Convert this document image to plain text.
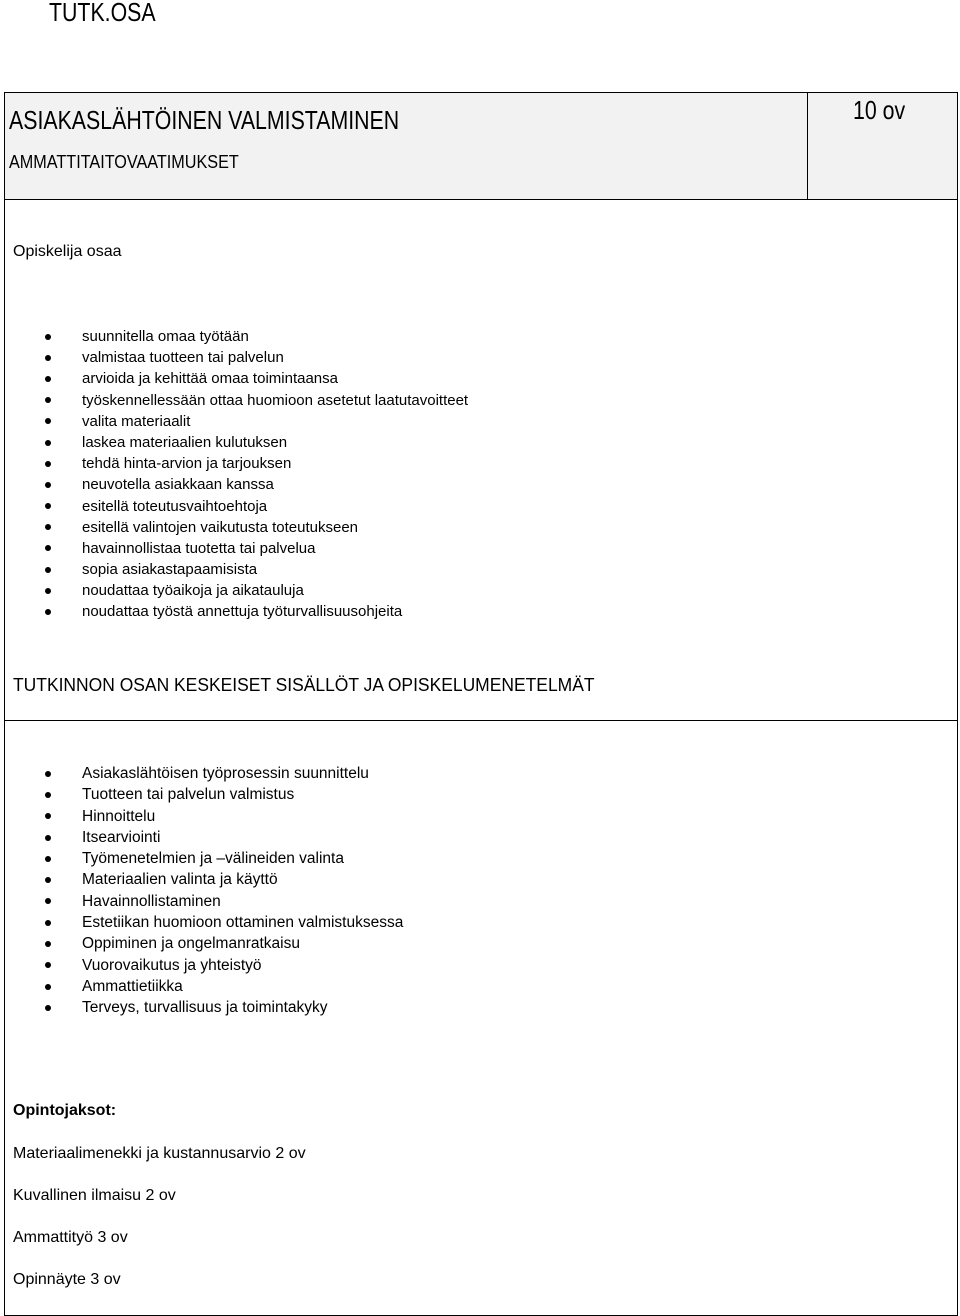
TUTK.OSA
ASIAKASLÄHTÖINEN VALMISTAMINEN
AMMATTITAITOVAATIMUKSET
10 ov
Opiskelija osaa
suunnitella omaa työtään
valmistaa tuotteen tai palvelun
arvioida ja kehittää omaa toimintaansa
työskennellessään ottaa huomioon asetetut laatutavoitteet
valita materiaalit
laskea materiaalien kulutuksen
tehdä hinta-arvion ja tarjouksen
neuvotella asiakkaan kanssa
esitellä toteutusvaihtoehtoja
esitellä valintojen vaikutusta toteutukseen
havainnollistaa tuotetta tai palvelua
sopia asiakastapaamisista
noudattaa työaikoja ja aikatauluja
noudattaa työstä annettuja työturvallisuusohjeita
TUTKINNON OSAN KESKEISET SISÄLLÖT JA OPISKELUMENETELMÄT
Asiakaslähtöisen työprosessin suunnittelu
Tuotteen tai palvelun valmistus
Hinnoittelu
Itsearviointi
Työmenetelmien ja –välineiden valinta
Materiaalien valinta ja käyttö
Havainnollistaminen
Estetiikan huomioon ottaminen valmistuksessa
Oppiminen ja ongelmanratkaisu
Vuorovaikutus ja yhteistyö
Ammattietiikka
Terveys, turvallisuus ja toimintakyky
Opintojaksot:
Materiaalimenekki ja kustannusarvio 2 ov
Kuvallinen ilmaisu 2 ov
Ammattityö 3 ov
Opinnäyte 3 ov
